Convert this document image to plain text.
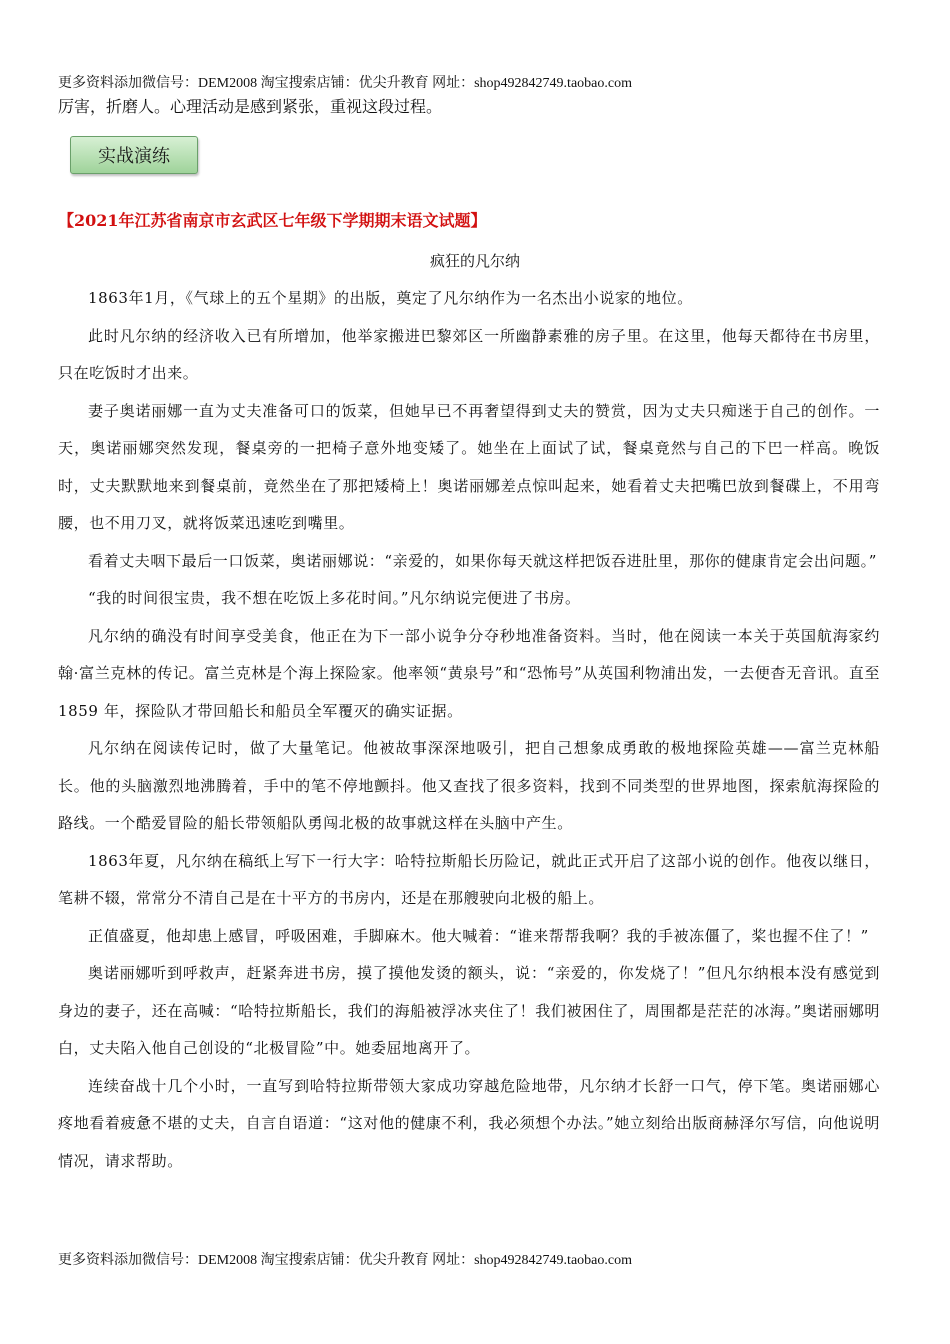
更多资料添加微信号：DEM2008 淘宝搜索店铺：优尖升教育 网址：shop492842749.taobao.com
厉害，折磨人。心理活动是感到紧张，重视这段过程。
实战演练
【2021年江苏省南京市玄武区七年级下学期期末语文试题】
疯狂的凡尔纳

1863年1月，《气球上的五个星期》的出版，奠定了凡尔纳作为一名杰出小说家的地位。

此时凡尔纳的经济收入已有所增加，他举家搬进巴黎郊区一所幽静素雅的房子里。在这里，他每天都待在书房里，只在吃饭时才出来。

妻子奥诺丽娜一直为丈夫准备可口的饭菜，但她早已不再奢望得到丈夫的赞赏，因为丈夫只痴迷于自己的创作。一天，奥诺丽娜突然发现，餐桌旁的一把椅子意外地变矮了。她坐在上面试了试，餐桌竟然与自己的下巴一样高。晚饭时，丈夫默默地来到餐桌前，竟然坐在了那把矮椅上！奥诺丽娜差点惊叫起来，她看着丈夫把嘴巴放到餐碟上，不用弯腰，也不用刀叉，就将饭菜迅速吃到嘴里。

看着丈夫咽下最后一口饭菜，奥诺丽娜说：“亲爱的，如果你每天就这样把饭吞进肚里，那你的健康肯定会出问题。”

“我的时间很宝贵，我不想在吃饭上多花时间。”凡尔纳说完便进了书房。

凡尔纳的确没有时间享受美食，他正在为下一部小说争分夺秒地准备资料。当时，他在阅读一本关于英国航海家约翰·富兰克林的传记。富兰克林是个海上探险家。他率领“黄泉号”和“恐怖号”从英国利物浦出发，一去便杳无音讯。直至 1859 年，探险队才带回船长和船员全军覆灭的确实证据。

凡尔纳在阅读传记时，做了大量笔记。他被故事深深地吸引，把自己想象成勇敢的极地探险英雄——富兰克林船长。他的头脑激烈地沸腾着，手中的笔不停地颤抖。他又查找了很多资料，找到不同类型的世界地图，探索航海探险的路线。一个酷爱冒险的船长带领船队勇闯北极的故事就这样在头脑中产生。

1863年夏，凡尔纳在稿纸上写下一行大字：哈特拉斯船长历险记，就此正式开启了这部小说的创作。他夜以继日，笔耕不辍，常常分不清自己是在十平方的书房内，还是在那艘驶向北极的船上。

正值盛夏，他却患上感冒，呼吸困难，手脚麻木。他大喊着：“谁来帮帮我啊？我的手被冻僵了，桨也握不住了！”

奥诺丽娜听到呼救声，赶紧奔进书房，摸了摸他发烫的额头，说：“亲爱的，你发烧了！”但凡尔纳根本没有感觉到身边的妻子，还在高喊：“哈特拉斯船长，我们的海船被浮冰夹住了！我们被困住了，周围都是茫茫的冰海。”奥诺丽娜明白，丈夫陷入他自己创设的“北极冒险”中。她委屈地离开了。

连续奋战十几个小时，一直写到哈特拉斯带领大家成功穿越危险地带，凡尔纳才长舒一口气，停下笔。奥诺丽娜心疼地看着疲惫不堪的丈夫，自言自语道：“这对他的健康不利，我必须想个办法。”她立刻给出版商赫泽尔写信，向他说明情况，请求帮助。

更多资料添加微信号：DEM2008 淘宝搜索店铺：优尖升教育 网址：shop492842749.taobao.com
